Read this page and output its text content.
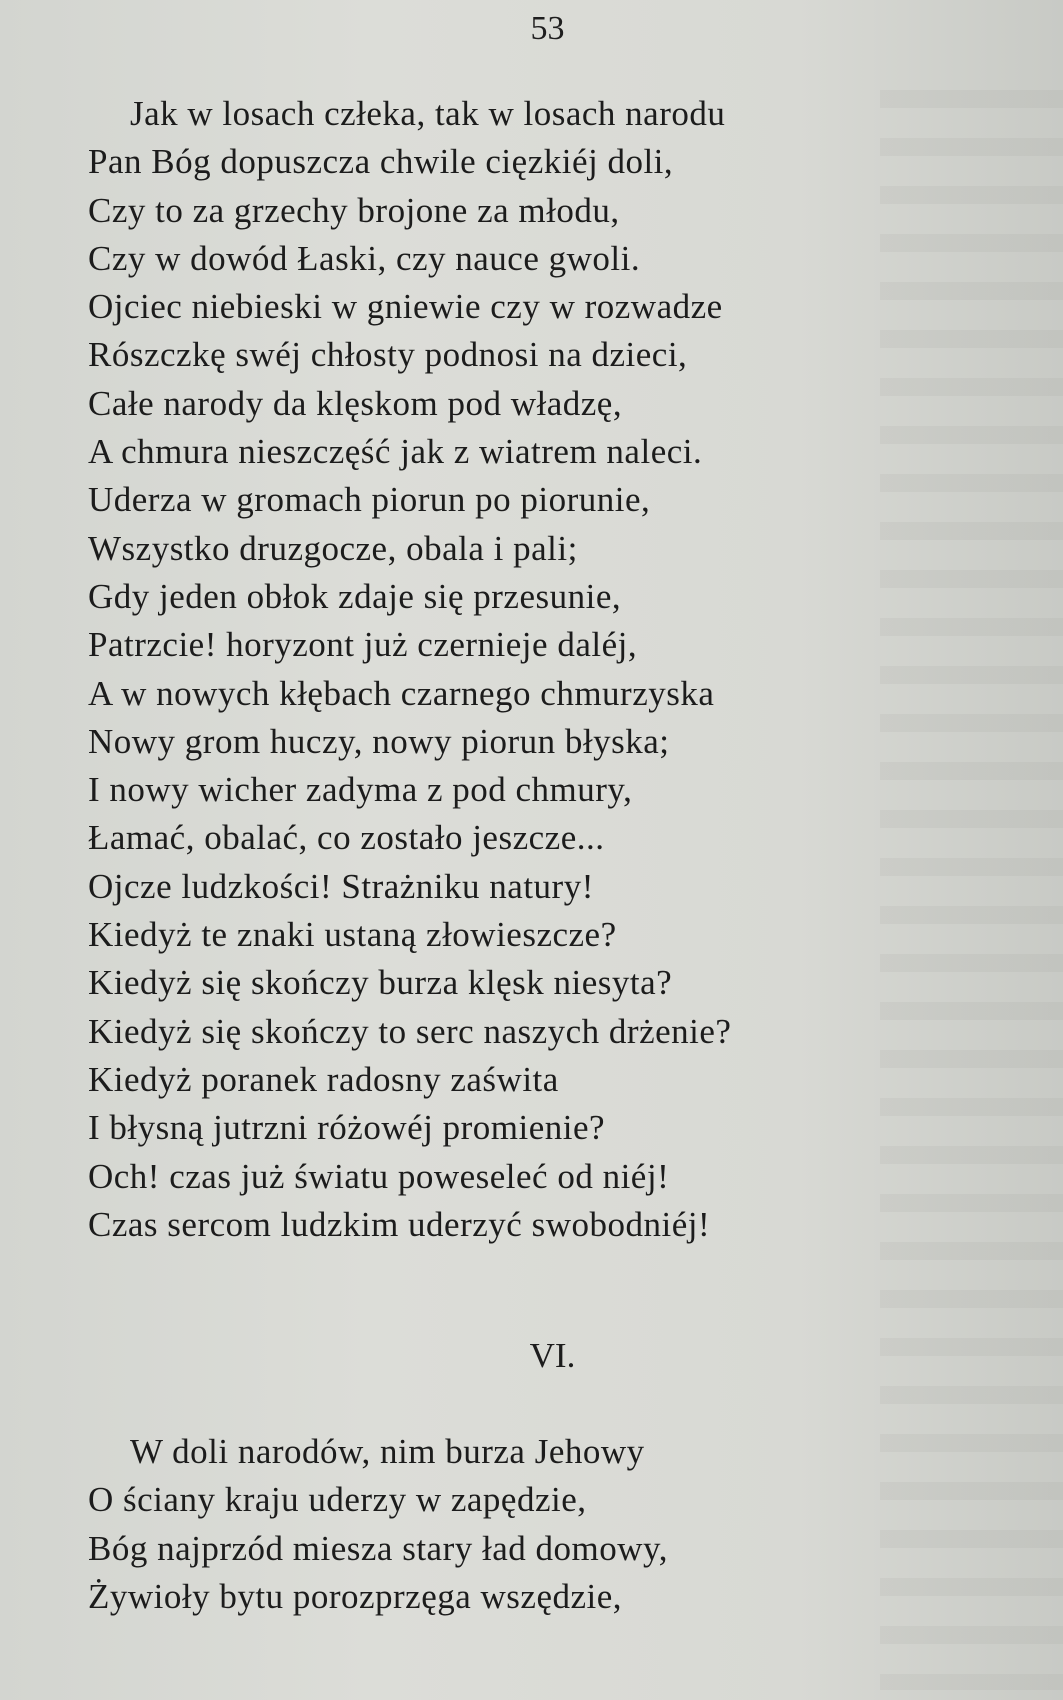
53
Jak w losach człeka, tak w losach narodu
Pan Bóg dopuszcza chwile cięzkiéj doli,
Czy to za grzechy brojone za młodu,
Czy w dowód Łaski, czy nauce gwoli.
Ojciec niebieski w gniewie czy w rozwadze
Rószczkę swéj chłosty podnosi na dzieci,
Całe narody da klęskom pod władzę,
A chmura nieszczęść jak z wiatrem naleci.
Uderza w gromach piorun po piorunie,
Wszystko druzgocze, obala i pali;
Gdy jeden obłok zdaje się przesunie,
Patrzcie! horyzont już czernieje daléj,
A w nowych kłębach czarnego chmurzyska
Nowy grom huczy, nowy piorun błyska;
I nowy wicher zadyma z pod chmury,
Łamać, obalać, co zostało jeszcze...
Ojcze ludzkości! Strażniku natury!
Kiedyż te znaki ustaną złowieszcze?
Kiedyż się skończy burza klęsk niesyta?
Kiedyż się skończy to serc naszych drżenie?
Kiedyż poranek radosny zaświta
I błysną jutrzni różowéj promienie?
Och! czas już światu poweseleć od niéj!
Czas sercom ludzkim uderzyć swobodniéj!
VI.
W doli narodów, nim burza Jehowy
O ściany kraju uderzy w zapędzie,
Bóg najprzód miesza stary ład domowy,
Żywioły bytu porozprzęga wszędzie,
